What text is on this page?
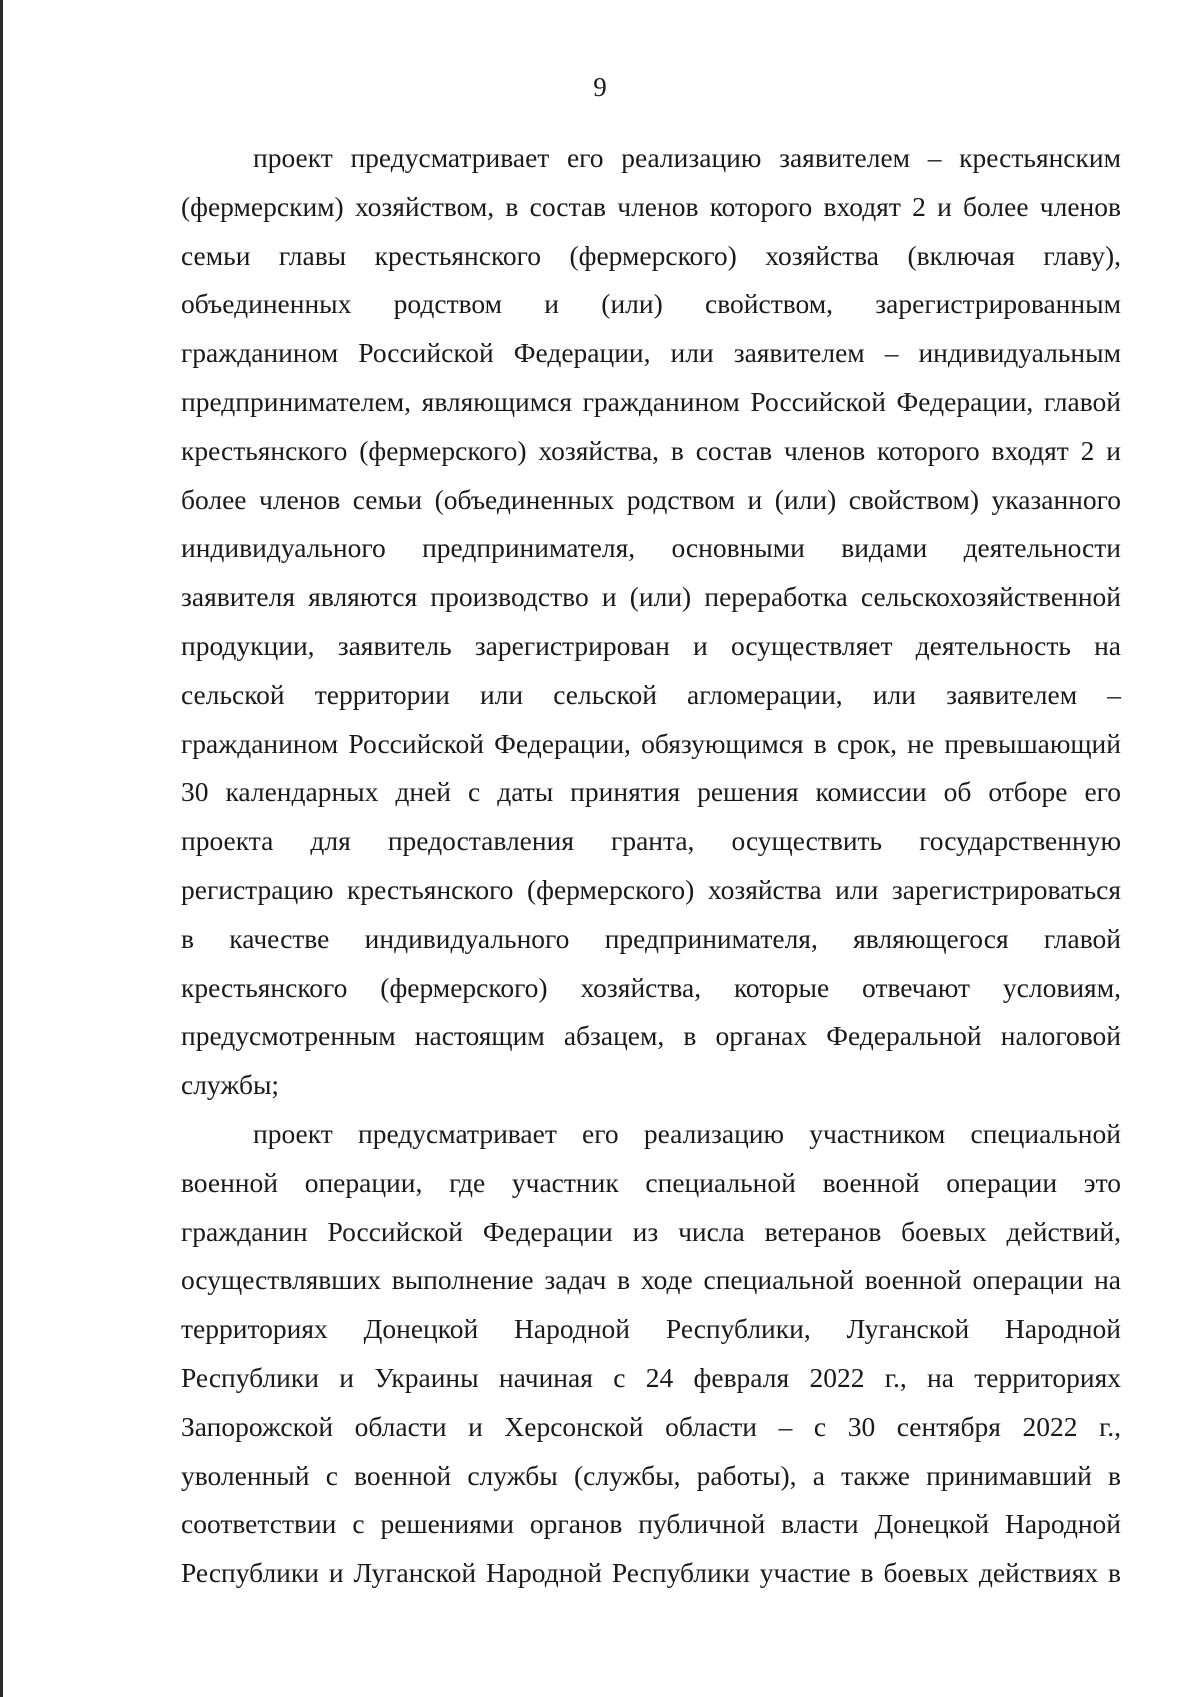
9
проект предусматривает его реализацию заявителем – крестьянским
(фермерским) хозяйством, в состав членов которого входят 2 и более членов
семьи главы крестьянского (фермерского) хозяйства (включая главу),
объединенных родством и (или) свойством, зарегистрированным
гражданином Российской Федерации, или заявителем – индивидуальным
предпринимателем, являющимся гражданином Российской Федерации, главой
крестьянского (фермерского) хозяйства, в состав членов которого входят 2 и
более членов семьи (объединенных родством и (или) свойством) указанного
индивидуального предпринимателя, основными видами деятельности
заявителя являются производство и (или) переработка сельскохозяйственной
продукции, заявитель зарегистрирован и осуществляет деятельность на
сельской территории или сельской агломерации, или заявителем –
гражданином Российской Федерации, обязующимся в срок, не превышающий
30 календарных дней с даты принятия решения комиссии об отборе его
проекта для предоставления гранта, осуществить государственную
регистрацию крестьянского (фермерского) хозяйства или зарегистрироваться
в качестве индивидуального предпринимателя, являющегося главой
крестьянского (фермерского) хозяйства, которые отвечают условиям,
предусмотренным настоящим абзацем, в органах Федеральной налоговой
службы;
проект предусматривает его реализацию участником специальной
военной операции, где участник специальной военной операции это
гражданин Российской Федерации из числа ветеранов боевых действий,
осуществлявших выполнение задач в ходе специальной военной операции на
территориях Донецкой Народной Республики, Луганской Народной
Республики и Украины начиная с 24 февраля 2022 г., на территориях
Запорожской области и Херсонской области – с 30 сентября 2022 г.,
уволенный с военной службы (службы, работы), а также принимавший в
соответствии с решениями органов публичной власти Донецкой Народной
Республики и Луганской Народной Республики участие в боевых действиях в
